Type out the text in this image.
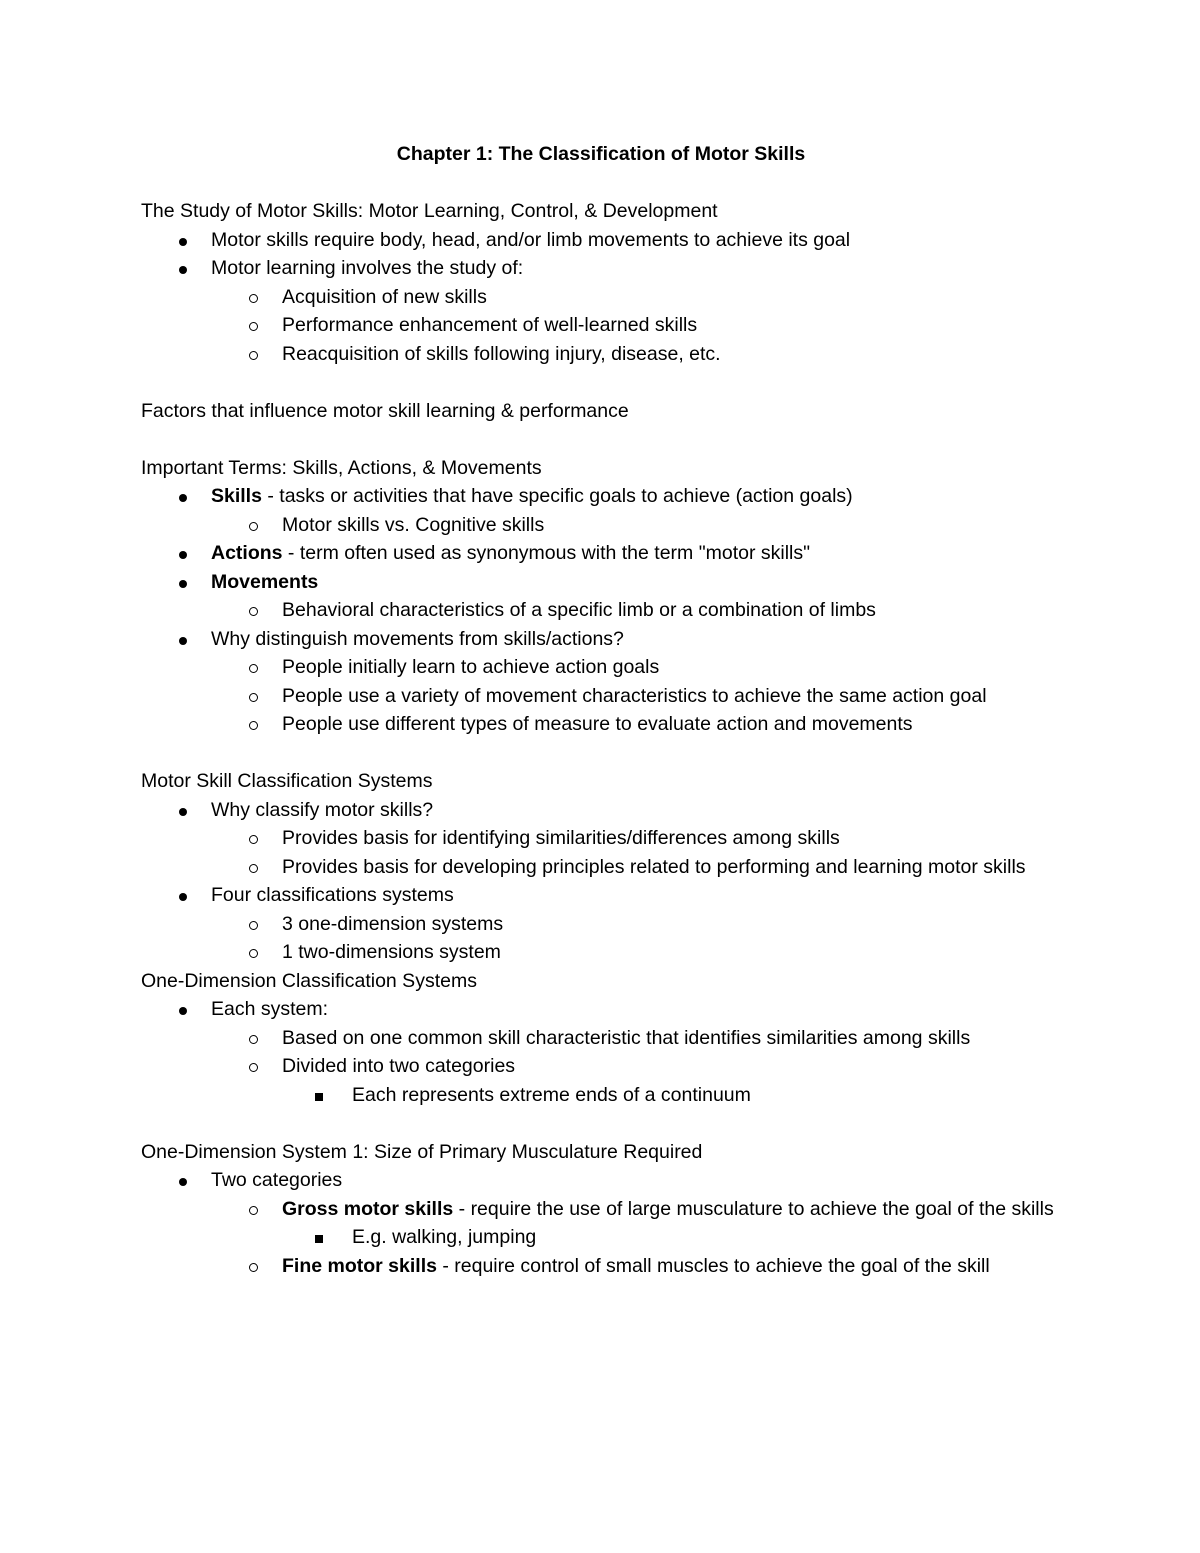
Chapter 1: The Classification of Motor Skills

The Study of Motor Skills: Motor Learning, Control, & Development

Motor skills require body, head, and/or limb movements to achieve its goal

Motor learning involves the study of:

Acquisition of new skills

Performance enhancement of well-learned skills

Reacquisition of skills following injury, disease, etc.

Factors that influence motor skill learning & performance

Important Terms: Skills, Actions, & Movements

Skills - tasks or activities that have specific goals to achieve (action goals)

Motor skills vs. Cognitive skills

Actions - term often used as synonymous with the term "motor skills"

Movements

Behavioral characteristics of a specific limb or a combination of limbs

Why distinguish movements from skills/actions?

People initially learn to achieve action goals

People use a variety of movement characteristics to achieve the same action goal

People use different types of measure to evaluate action and movements

Motor Skill Classification Systems

Why classify motor skills?

Provides basis for identifying similarities/differences among skills

Provides basis for developing principles related to performing and learning motor skills

Four classifications systems

3 one-dimension systems

1 two-dimensions system

One-Dimension Classification Systems

Each system:

Based on one common skill characteristic that identifies similarities among skills

Divided into two categories

Each represents extreme ends of a continuum

One-Dimension System 1: Size of Primary Musculature Required

Two categories

Gross motor skills - require the use of large musculature to achieve the goal of the skills

E.g. walking, jumping

Fine motor skills - require control of small muscles to achieve the goal of the skill
